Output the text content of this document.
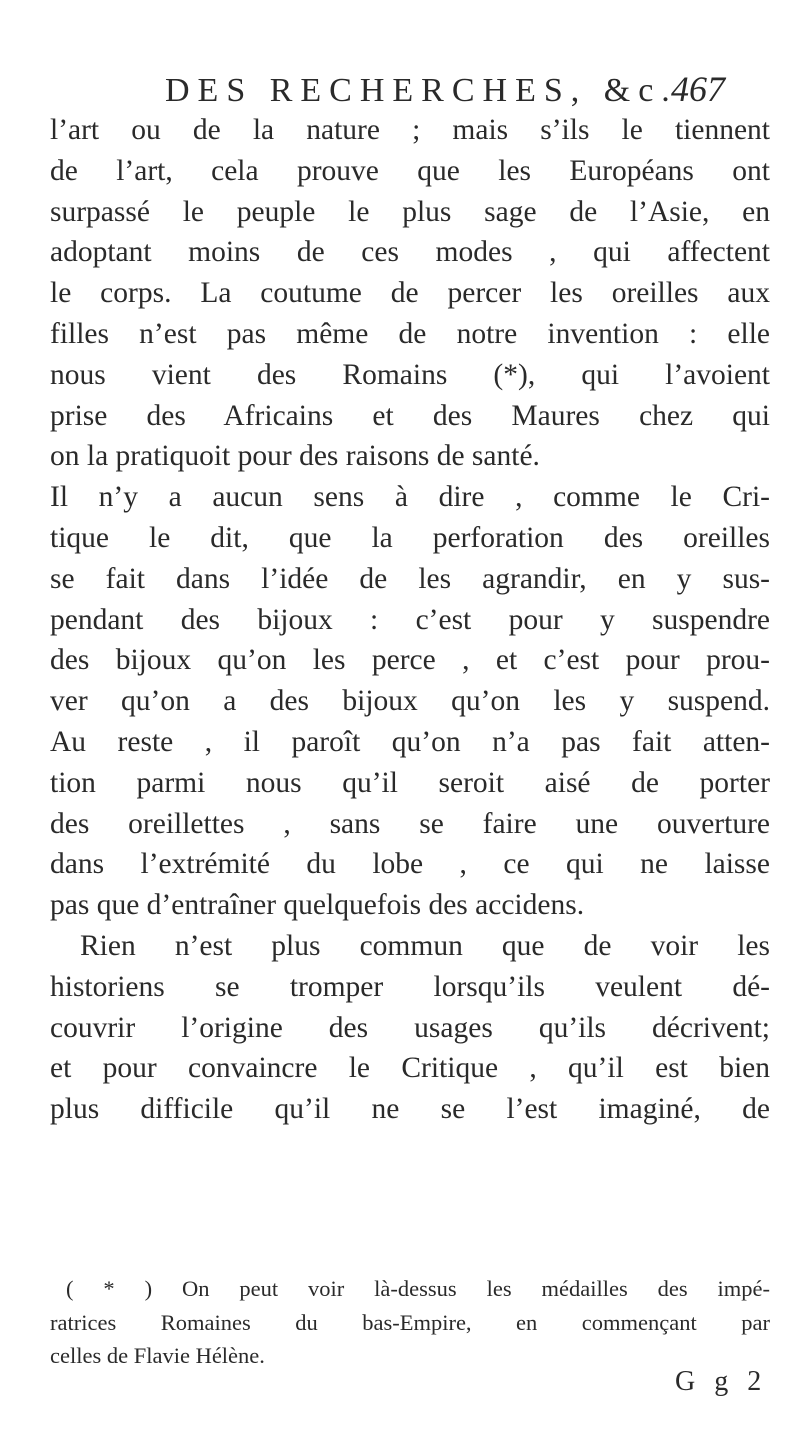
DES RECHERCHES, &c.
467
l’art ou de la nature ; mais s’ils le tiennent
de l’art, cela prouve que les Européans ont
surpassé le peuple le plus sage de l’Asie, en
adoptant moins de ces modes , qui affectent
le corps. La coutume de percer les oreilles aux
filles n’est pas même de notre invention : elle
nous vient des Romains (*), qui l’avoient
prise des Africains et des Maures chez qui
on la pratiquoit pour des raisons de santé.
Il n’y a aucun sens à dire , comme le Cri-
tique le dit, que la perforation des oreilles
se fait dans l’idée de les agrandir, en y sus-
pendant des bijoux : c’est pour y suspendre
des bijoux qu’on les perce , et c’est pour prou-
ver qu’on a des bijoux qu’on les y suspend.
Au reste , il paroît qu’on n’a pas fait atten-
tion parmi nous qu’il seroit aisé de porter
des oreillettes , sans se faire une ouverture
dans l’extrémité du lobe , ce qui ne laisse
pas que d’entraîner quelquefois des accidens.
Rien n’est plus commun que de voir les
historiens se tromper lorsqu’ils veulent dé-
couvrir l’origine des usages qu’ils décrivent;
et pour convaincre le Critique , qu’il est bien
plus difficile qu’il ne se l’est imaginé, de
( * ) On peut voir là-dessus les médailles des impé-
ratrices Romaines du bas-Empire, en commençant par
celles de Flavie Hélène.
G g 2
